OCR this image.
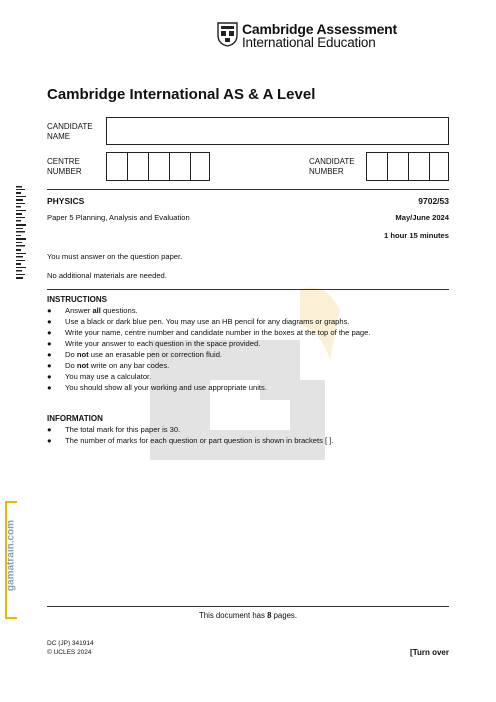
Cambridge Assessment
International Education
Cambridge International AS & A Level
CANDIDATE
NAME
CENTRE
NUMBER
CANDIDATE
NUMBER
PHYSICS	9702/53
Paper 5 Planning, Analysis and Evaluation	May/June 2024
1 hour 15 minutes
You must answer on the question paper.
No additional materials are needed.
INSTRUCTIONS
●	Answer all questions.
●	Use a black or dark blue pen. You may use an HB pencil for any diagrams or graphs.
●	Write your name, centre number and candidate number in the boxes at the top of the page.
●	Write your answer to each question in the space provided.
●	Do not use an erasable pen or correction fluid.
●	Do not write on any bar codes.
●	You may use a calculator.
●	You should show all your working and use appropriate units.
INFORMATION
●	The total mark for this paper is 30.
●	The number of marks for each question or part question is shown in brackets [ ].
gamatrain.com
This document has 8 pages.
DC (JP) 341914
© UCLES 2024	[Turn over
